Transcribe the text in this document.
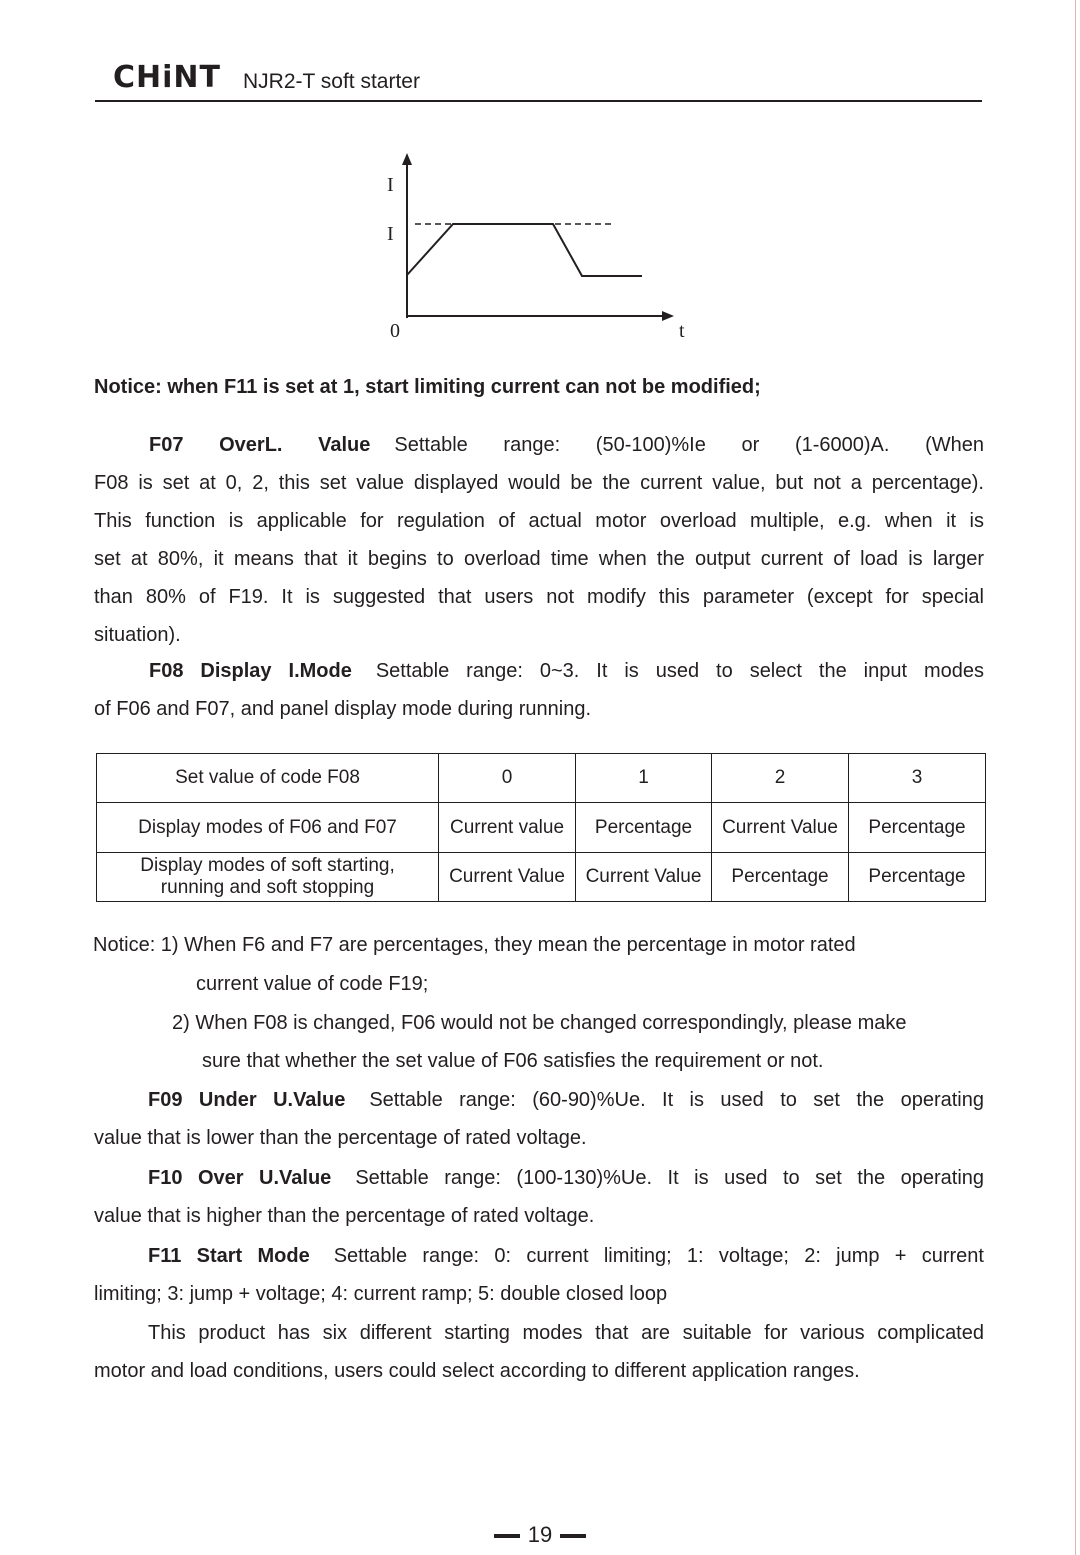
CHiNT NJR2-T soft starter
I
I
0	t
Notice: when F11 is set at 1, start limiting current can not be modified;
F07 OverL. Value Settable range: (50-100)%Ie or (1-6000)A. (When
F08 is set at 0, 2, this set value displayed would be the current value, but not a percentage).
This function is applicable for regulation of actual motor overload multiple, e.g. when it is
set at 80%, it means that it begins to overload time when the output current of load is larger
than 80% of F19. It is suggested that users not modify this parameter (except for special
situation).
F08 Display I.Mode Settable range: 0~3. It is used to select the input modes
of F06 and F07, and panel display mode during running.
Set value of code F08	0	1	2	3
Display modes of F06 and F07	Current value	Percentage	Current Value	Percentage

Display modes of soft starting,
running and soft stopping	Current Value	Current Value	Percentage	Percentage
Notice: 1) When F6 and F7 are percentages, they mean the percentage in motor rated
current value of code F19;
2) When F08 is changed, F06 would not be changed correspondingly, please make
sure that whether the set value of F06 satisfies the requirement or not.
F09 Under U.Value Settable range: (60-90)%Ue. It is used to set the operating
value that is lower than the percentage of rated voltage.
F10 Over U.Value Settable range: (100-130)%Ue. It is used to set the operating
value that is higher than the percentage of rated voltage.
F11 Start Mode Settable range: 0: current limiting; 1: voltage; 2: jump + current
limiting; 3: jump + voltage; 4: current ramp; 5: double closed loop
This product has six different starting modes that are suitable for various complicated
motor and load conditions, users could select according to different application ranges.
19
